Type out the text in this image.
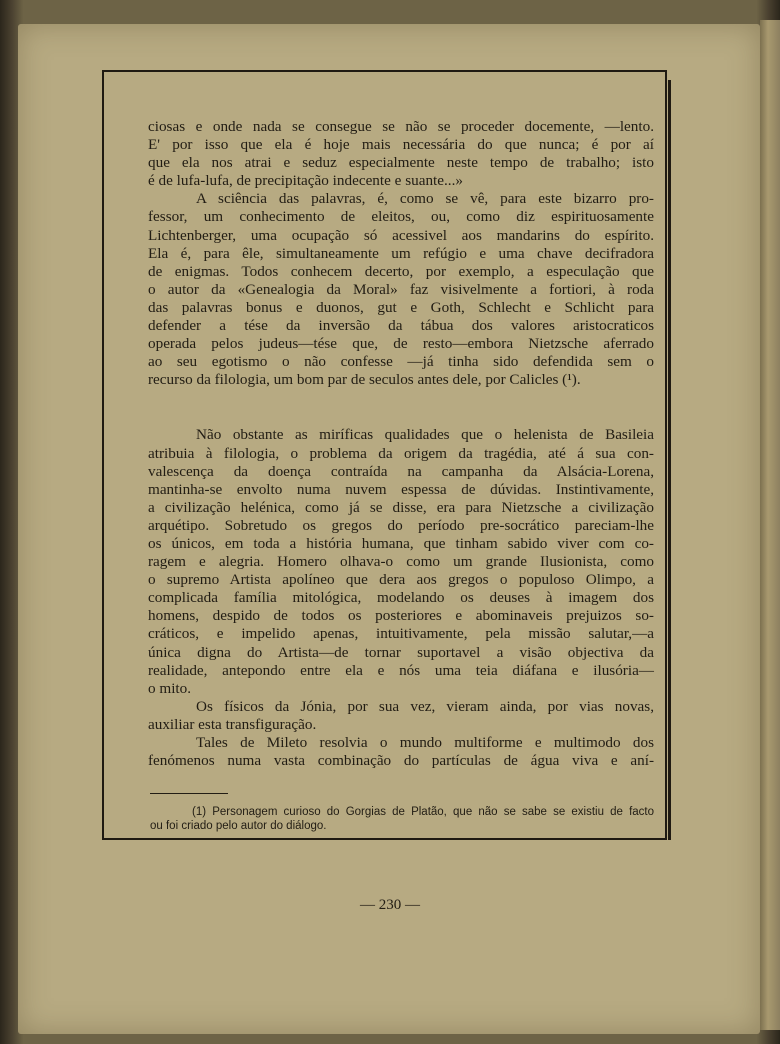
ciosas e onde nada se consegue se não se proceder docemente, —lento.
E' por isso que ela é hoje mais necessária do que nunca; é por aí
que ela nos atrai e seduz especialmente neste tempo de trabalho; isto
é de lufa-lufa, de precipitação indecente e suante...»
A sciência das palavras, é, como se vê, para este bizarro pro-
fessor, um conhecimento de eleitos, ou, como diz espirituosamente
Lichtenberger, uma ocupação só acessivel aos mandarins do espírito.
Ela é, para êle, simultaneamente um refúgio e uma chave decifradora
de enigmas. Todos conhecem decerto, por exemplo, a especulação que
o autor da «Genealogia da Moral» faz visivelmente a fortiori, à roda
das palavras bonus e duonos, gut e Goth, Schlecht e Schlicht para
defender a tése da inversão da tábua dos valores aristocraticos
operada pelos judeus—tése que, de resto—embora Nietzsche aferrado
ao seu egotismo o não confesse —já tinha sido defendida sem o
recurso da filologia, um bom par de seculos antes dele, por Calicles (¹).
Não obstante as miríficas qualidades que o helenista de Basileia
atribuia à filologia, o problema da origem da tragédia, até á sua con-
valescença da doença contraída na campanha da Alsácia-Lorena,
mantinha-se envolto numa nuvem espessa de dúvidas. Instintivamente,
a civilização helénica, como já se disse, era para Nietzsche a civilização
arquétipo. Sobretudo os gregos do período pre-socrático pareciam-lhe
os únicos, em toda a história humana, que tinham sabido viver com co-
ragem e alegria. Homero olhava-o como um grande Ilusionista, como
o supremo Artista apolíneo que dera aos gregos o populoso Olimpo, a
complicada família mitológica, modelando os deuses à imagem dos
homens, despido de todos os posteriores e abominaveis prejuizos so-
cráticos, e impelido apenas, intuitivamente, pela missão salutar,—a
única digna do Artista—de tornar suportavel a visão objectiva da
realidade, antepondo entre ela e nós uma teia diáfana e ilusória—
o mito.
Os físicos da Jónia, por sua vez, vieram ainda, por vias novas,
auxiliar esta transfiguração.
Tales de Mileto resolvia o mundo multiforme e multimodo dos
fenómenos numa vasta combinação do partículas de água viva e aní-
(1) Personagem curioso do Gorgias de Platão, que não se sabe se existiu de facto
ou foi criado pelo autor do diálogo.
— 230 —
